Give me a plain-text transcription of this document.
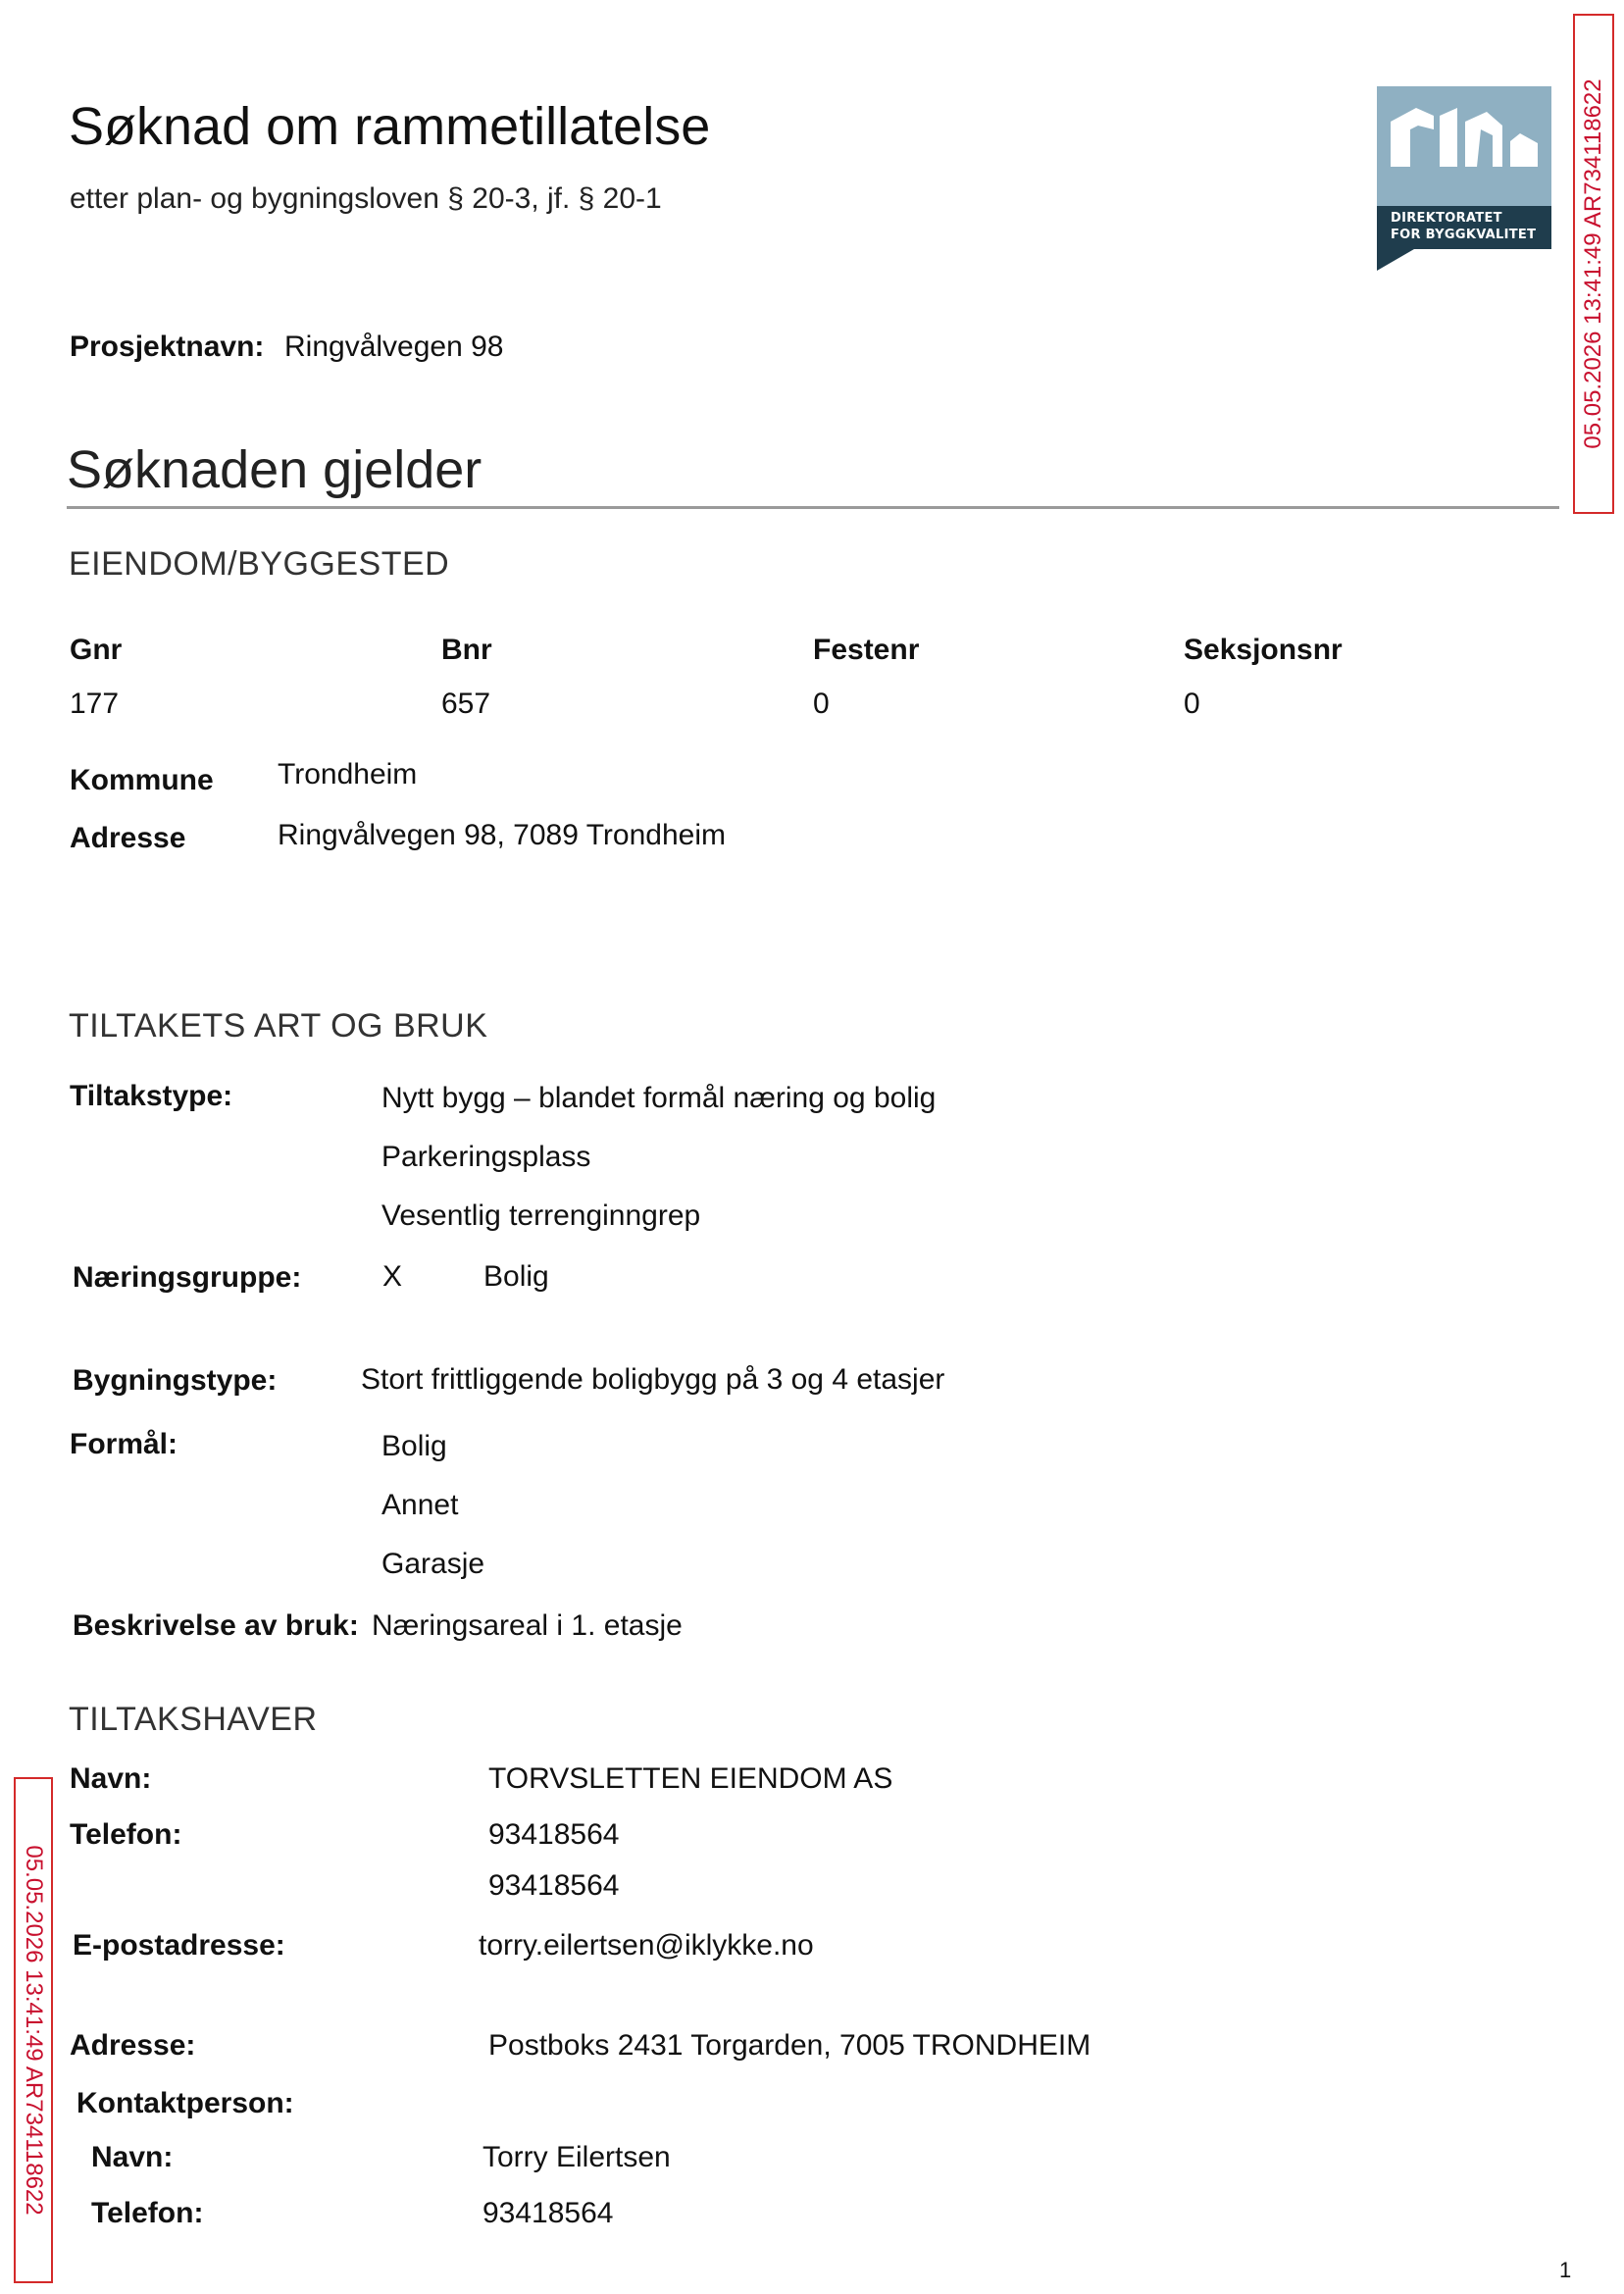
Søknad om rammetillatelse
etter plan- og bygningsloven § 20-3, jf. § 20-1
DIREKTORATET
FOR BYGGKVALITET 05.05.2026 13:41:49 AR734118622
05.05.2026 13:41:49 AR734118622
Prosjektnavn: Ringvålvegen 98
Søknaden gjelder
EIENDOM/BYGGESTED
Gnr	Bnr	Festenr	Seksjonsnr
177	657	0	0
Kommune Trondheim
Adresse	Ringvålvegen 98, 7089 Trondheim
TILTAKETS ART OG BRUK
Tiltakstype:	Nytt bygg – blandet formål næring og bolig
Parkeringsplass
Vesentlig terrenginngrep
Næringsgruppe:	X	Bolig
Bygningstype:	Stort frittliggende boligbygg på 3 og 4 etasjer
Formål:	Bolig
Annet
Garasje
Beskrivelse av bruk: Næringsareal i 1. etasje
TILTAKSHAVER
Navn:	TORVSLETTEN EIENDOM AS
Telefon:	93418564
93418564
E-postadresse:	torry.eilertsen@iklykke.no
Adresse:	Postboks 2431 Torgarden, 7005 TRONDHEIM
Kontaktperson:
Navn:	Torry Eilertsen
Telefon:	93418564
1
